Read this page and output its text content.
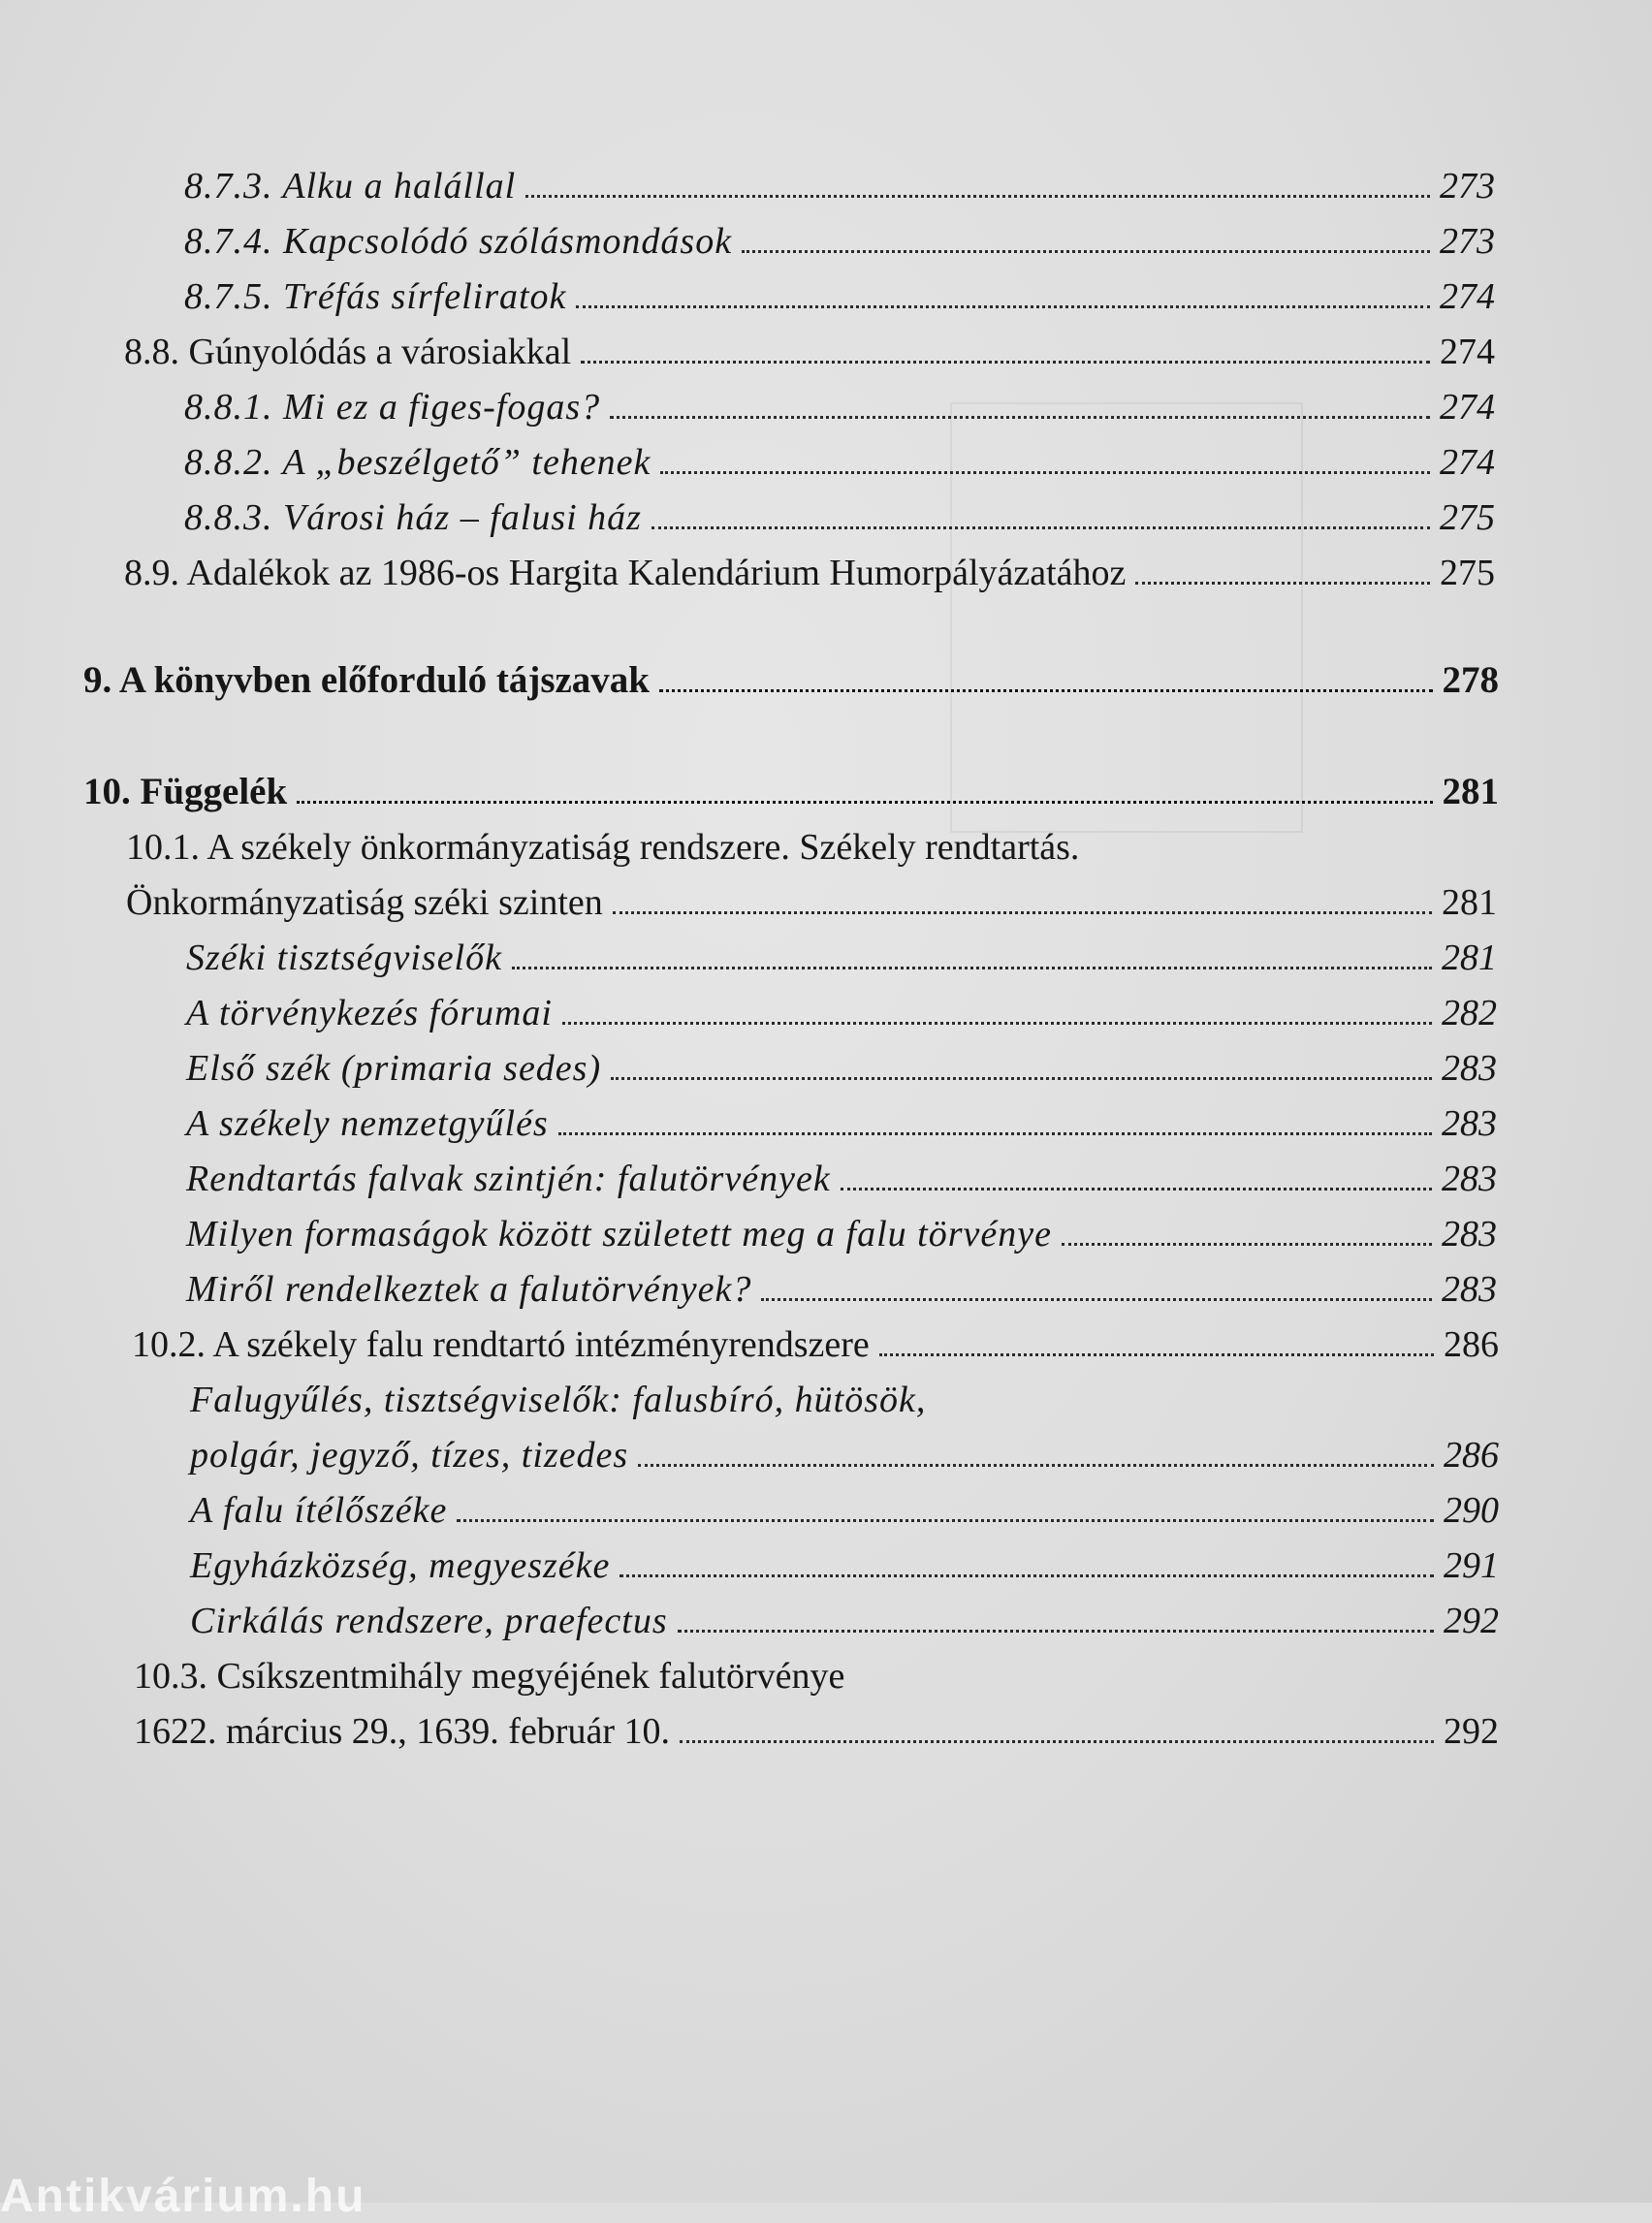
8.7.3. Alku a halállal	273
8.7.4. Kapcsolódó szólásmondások	273
8.7.5. Tréfás sírfeliratok	274
8.8. Gúnyolódás a városiakkal	274
8.8.1. Mi ez a figes-fogas?	274
8.8.2. A „beszélgető” tehenek	274
8.8.3. Városi ház – falusi ház	275
8.9. Adalékok az 1986-os Hargita Kalendárium Humorpályázatához	275
9. A könyvben előforduló tájszavak	278
10. Függelék	281
10.1. A székely önkormányzatiság rendszere. Székely rendtartás.
Önkormányzatiság széki szinten	281
Széki tisztségviselők	281
A törvénykezés fórumai	282
Első szék (primaria sedes)	283
A székely nemzetgyűlés	283
Rendtartás falvak szintjén: falutörvények	283
Milyen formaságok között született meg a falu törvénye	283
Miről rendelkeztek a falutörvények?	283
10.2. A székely falu rendtartó intézményrendszere	286
Falugyűlés, tisztségviselők: falusbíró, hütösök,
polgár, jegyző, tízes, tizedes	286
A falu ítélőszéke	290
Egyházközség, megyeszéke	291
Cirkálás rendszere, praefectus	292
10.3. Csíkszentmihály megyéjének falutörvénye
1622. március 29., 1639. február 10.	292
Antikvárium.hu
